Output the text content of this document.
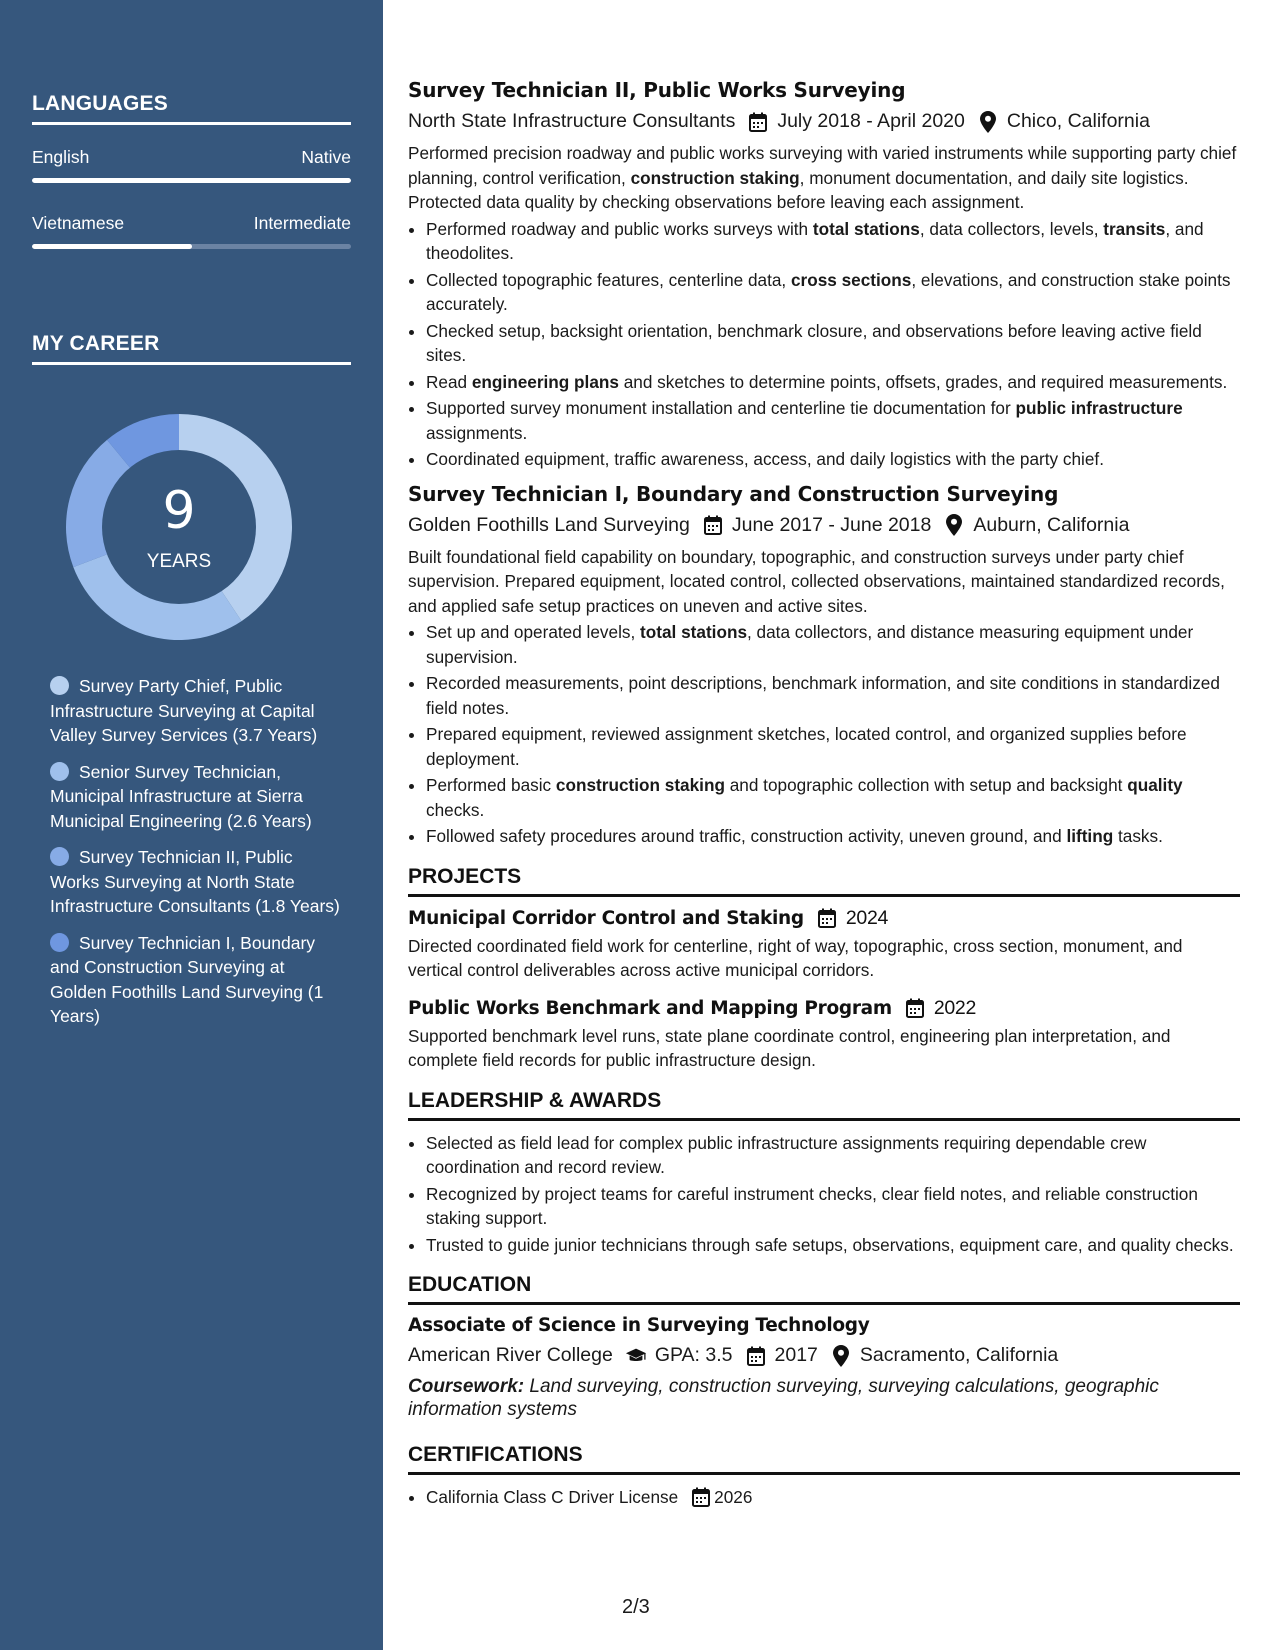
LANGUAGES
English	Native
Vietnamese	Intermediate
MY CAREER
9
YEARS
Survey Party Chief, Public Infrastructure Surveying at Capital Valley Survey Services (3.7 Years)
Senior Survey Technician, Municipal Infrastructure at Sierra Municipal Engineering (2.6 Years)
Survey Technician II, Public Works Surveying at North State Infrastructure Consultants (1.8 Years)
Survey Technician I, Boundary and Construction Surveying at Golden Foothills Land Surveying (1 Years)
Survey Technician II, Public Works Surveying
North State Infrastructure Consultants July 2018 - April 2020 Chico, California
Performed precision roadway and public works surveying with varied instruments while supporting party chief planning, control verification, construction staking, monument documentation, and daily site logistics. Protected data quality by checking observations before leaving each assignment.
• Performed roadway and public works surveys with total stations, data collectors, levels, transits, and theodolites.
• Collected topographic features, centerline data, cross sections, elevations, and construction stake points accurately.
• Checked setup, backsight orientation, benchmark closure, and observations before leaving active field sites.
• Read engineering plans and sketches to determine points, offsets, grades, and required measurements.
• Supported survey monument installation and centerline tie documentation for public infrastructure assignments.
• Coordinated equipment, traffic awareness, access, and daily logistics with the party chief.
Survey Technician I, Boundary and Construction Surveying
Golden Foothills Land Surveying June 2017 - June 2018 Auburn, California
Built foundational field capability on boundary, topographic, and construction surveys under party chief supervision. Prepared equipment, located control, collected observations, maintained standardized records, and applied safe setup practices on uneven and active sites.
• Set up and operated levels, total stations, data collectors, and distance measuring equipment under supervision.
• Recorded measurements, point descriptions, benchmark information, and site conditions in standardized field notes.
• Prepared equipment, reviewed assignment sketches, located control, and organized supplies before deployment.
• Performed basic construction staking and topographic collection with setup and backsight quality checks.
• Followed safety procedures around traffic, construction activity, uneven ground, and lifting tasks.
PROJECTS
Municipal Corridor Control and Staking 2024
Directed coordinated field work for centerline, right of way, topographic, cross section, monument, and vertical control deliverables across active municipal corridors.
Public Works Benchmark and Mapping Program 2022
Supported benchmark level runs, state plane coordinate control, engineering plan interpretation, and complete field records for public infrastructure design.
LEADERSHIP & AWARDS
• Selected as field lead for complex public infrastructure assignments requiring dependable crew coordination and record review.
• Recognized by project teams for careful instrument checks, clear field notes, and reliable construction staking support.
• Trusted to guide junior technicians through safe setups, observations, equipment care, and quality checks.
EDUCATION
Associate of Science in Surveying Technology
American River College GPA: 3.5 2017 Sacramento, California
Coursework: Land surveying, construction surveying, surveying calculations, geographic information systems
CERTIFICATIONS
• California Class C Driver License 2026
2/3
